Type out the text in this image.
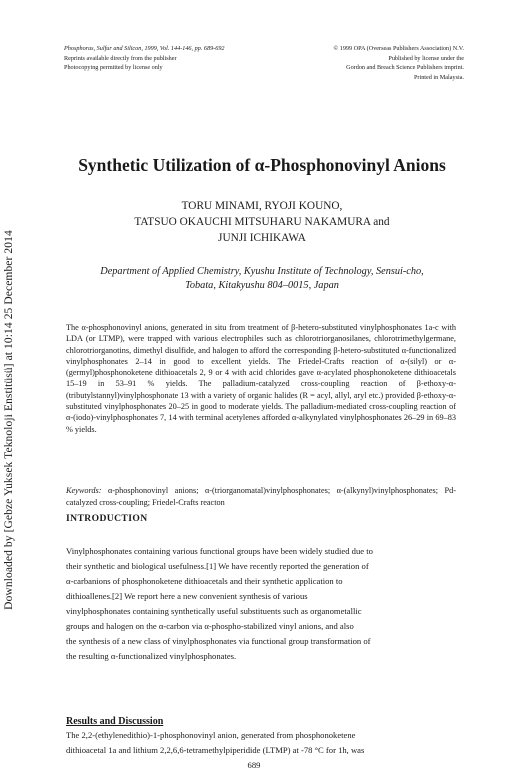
Downloaded by [Gebze Yuksek Teknoloji Enstitüsü] at 10:14 25 December 2014
Phosphorus, Sulfur and Silicon, 1999, Vol. 144-146, pp. 689-692
Reprints available directly from the publisher
Photocopying permitted by license only
© 1999 OPA (Overseas Publishers Association) N.V.
Published by license under the
Gordon and Breach Science Publishers imprint.
Printed in Malaysia.
Synthetic Utilization of α-Phosphonovinyl Anions
TORU MINAMI, RYOJI KOUNO,
TATSUO OKAUCHI MITSUHARU NAKAMURA and
JUNJI ICHIKAWA
Department of Applied Chemistry, Kyushu Institute of Technology, Sensui-cho,
Tobata, Kitakyushu 804–0015, Japan
The α-phosphonovinyl anions, generated in situ from treatment of β-hetero-substituted vinylphosphonates 1a-c with LDA (or LTMP), were trapped with various electrophiles such as chlorotriorganosilanes, chlorotrimethylgermane, chlorotriorganotins, dimethyl disulfide, and halogen to afford the corresponding β-hetero-substituted α-functionalized vinylphosphonates 2–14 in good to excellent yields. The Friedel-Crafts reaction of α-(silyl) or α-(germyl)phosphonoketene dithioacetals 2, 9 or 4 with acid chlorides gave α-acylated phosphonoketene dithioacetals 15–19 in 53–91 % yields. The palladium-catalyzed cross-coupling reaction of β-ethoxy-α-(tributylstannyl)vinylphosphonate 13 with a variety of organic halides (R = acyl, allyl, aryl etc.) provided β-ethoxy-α-substituted vinylphosphonates 20–25 in good to moderate yields. The palladium-mediated cross-coupling reaction of α-(iodo)-vinylphosphonates 7, 14 with terminal acetylenes afforded α-alkynylated vinylphosphonates 26–29 in 69–83 % yields.
Keywords: α-phosphonovinyl anions; α-(triorganomatal)vinylphosphonates; α-(alkynyl)vinylphosphonates; Pd-catalyzed cross-coupling; Friedel-Crafts reacton
INTRODUCTION
Vinylphosphonates containing various functional groups have been widely studied due to
their synthetic and biological usefulness.[1] We have recently reported the generation of
α-carbanions of phosphonoketene dithioacetals and their synthetic application to
dithioallenes.[2] We report here a new convenient synthesis of various
vinylphosphonates containing synthetically useful substituents such as organometallic
groups and halogen on the α-carbon via α-phospho-stabilized vinyl anions, and also
the synthesis of a new class of vinylphosphonates via functional group transformation of
the resulting α-functionalized vinylphosphonates.
Results and Discussion
The 2,2-(ethylenedithio)-1-phosphonovinyl anion, generated from phosphonoketene
dithioacetal 1a and lithium 2,2,6,6-tetramethylpiperidide (LTMP) at -78 °C for 1h, was
689
